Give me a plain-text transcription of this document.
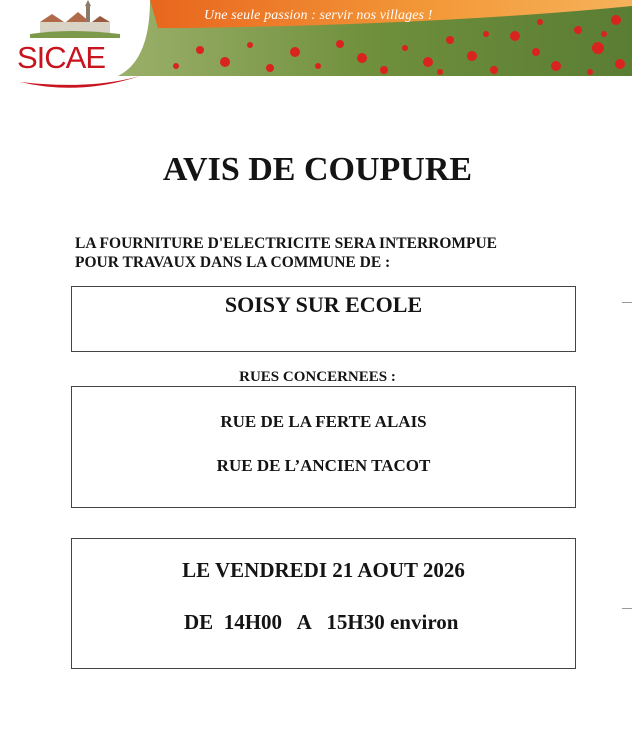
Une seule passion : servir nos villages !
SICAE
AVIS DE COUPURE
LA FOURNITURE D'ELECTRICITE SERA INTERROMPUE
POUR TRAVAUX DANS LA COMMUNE DE :
SOISY SUR ECOLE
RUES CONCERNEES :
RUE DE LA FERTE ALAIS
RUE DE L’ANCIEN TACOT
LE VENDREDI 21 AOUT 2026
DE 14H00 A 15H30 environ
